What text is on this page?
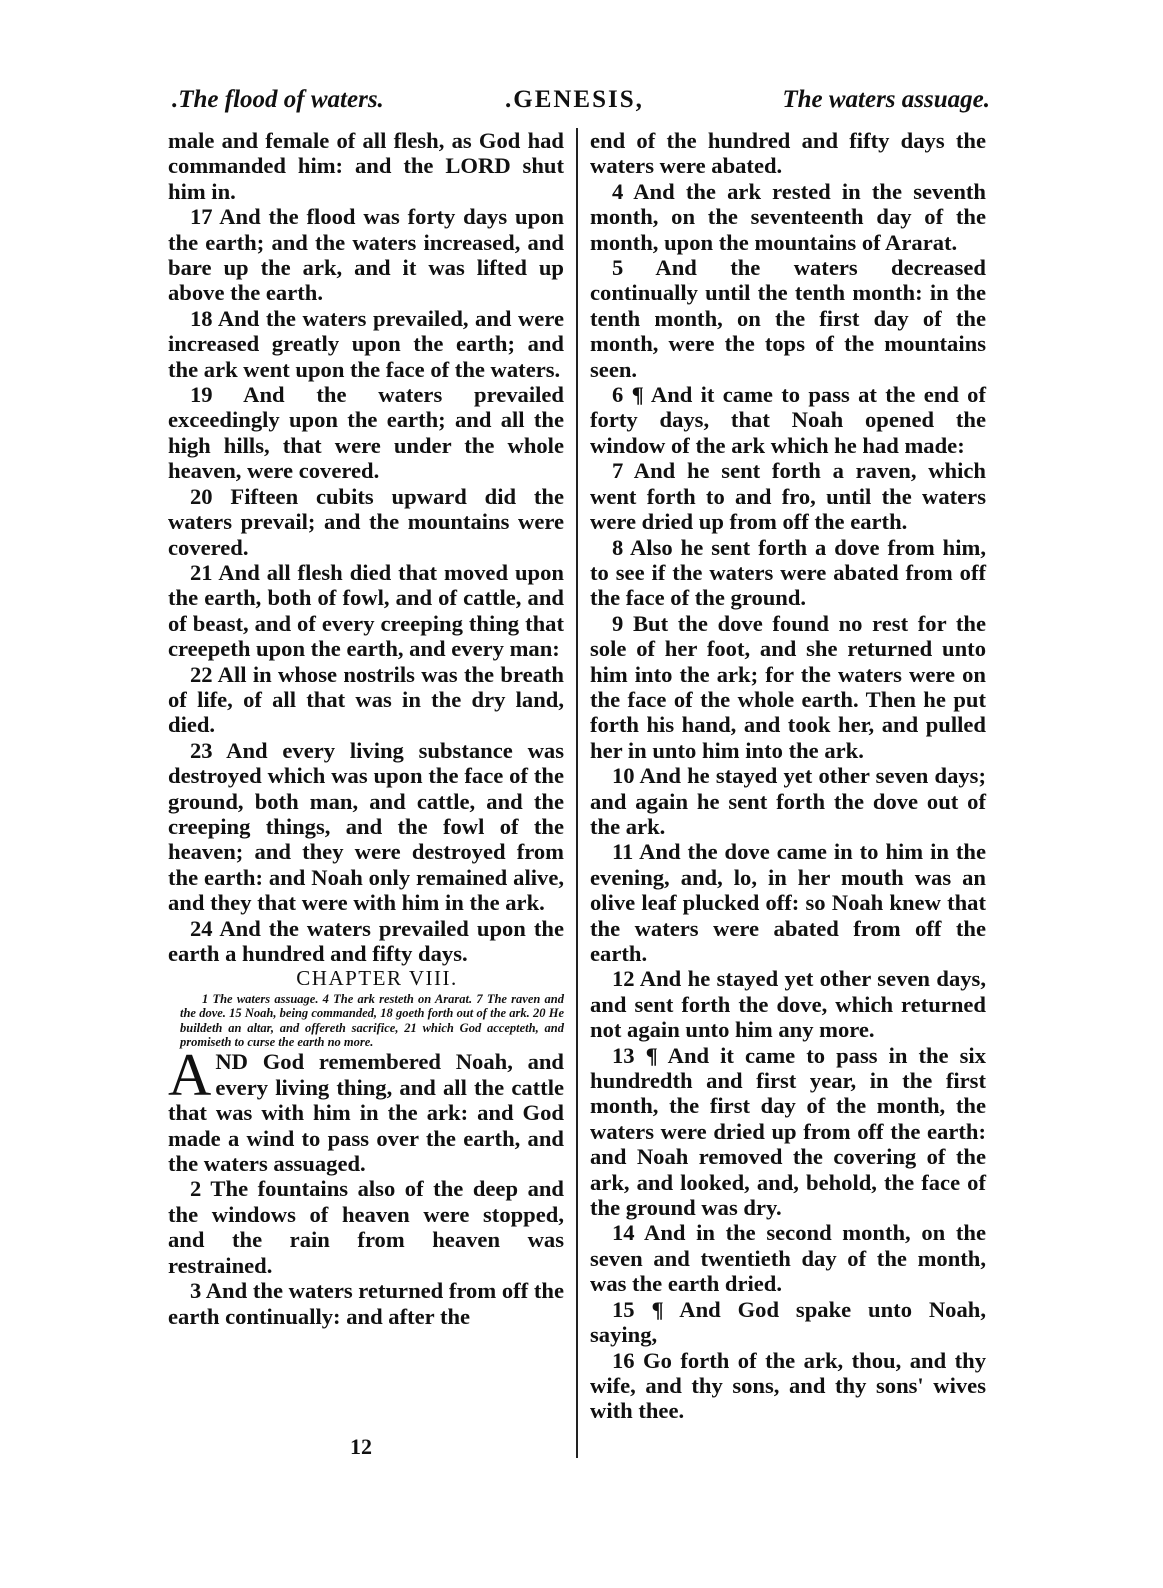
.The flood of waters.	.GENESIS,	The waters assuage.

male and female of all flesh, as God had commanded him: and the LORD shut him in.

17 And the flood was forty days upon the earth; and the waters increased, and bare up the ark, and it was lifted up above the earth.

18 And the waters prevailed, and were increased greatly upon the earth; and the ark went upon the face of the waters.

19 And the waters prevailed exceedingly upon the earth; and all the high hills, that were under the whole heaven, were covered.

20 Fifteen cubits upward did the waters prevail; and the mountains were covered.

21 And all flesh died that moved upon the earth, both of fowl, and of cattle, and of beast, and of every creeping thing that creepeth upon the earth, and every man:

22 All in whose nostrils was the breath of life, of all that was in the dry land, died.

23 And every living substance was destroyed which was upon the face of the ground, both man, and cattle, and the creeping things, and the fowl of the heaven; and they were destroyed from the earth: and Noah only remained alive, and they that were with him in the ark.

24 And the waters prevailed upon the earth a hundred and fifty days.

CHAPTER VIII.

1 The waters assuage. 4 The ark resteth on Ararat. 7 The raven and the dove. 15 Noah, being commanded, 18 goeth forth out of the ark. 20 He buildeth an altar, and offereth sacrifice, 21 which God accepteth, and promiseth to curse the earth no more.

A ND God remembered Noah, and every living thing, and all the cattle that was with him in the ark: and God made a wind to pass over the earth, and the waters assuaged.

2 The fountains also of the deep and the windows of heaven were stopped, and the rain from heaven was restrained.

3 And the waters returned from off the earth continually: and after the

end of the hundred and fifty days the waters were abated.

4 And the ark rested in the seventh month, on the seventeenth day of the month, upon the mountains of Ararat.

5 And the waters decreased continually until the tenth month: in the tenth month, on the first day of the month, were the tops of the mountains seen.

6 ¶ And it came to pass at the end of forty days, that Noah opened the window of the ark which he had made:

7 And he sent forth a raven, which went forth to and fro, until the waters were dried up from off the earth.

8 Also he sent forth a dove from him, to see if the waters were abated from off the face of the ground.

9 But the dove found no rest for the sole of her foot, and she returned unto him into the ark; for the waters were on the face of the whole earth. Then he put forth his hand, and took her, and pulled her in unto him into the ark.

10 And he stayed yet other seven days; and again he sent forth the dove out of the ark.

11 And the dove came in to him in the evening, and, lo, in her mouth was an olive leaf plucked off: so Noah knew that the waters were abated from off the earth.

12 And he stayed yet other seven days, and sent forth the dove, which returned not again unto him any more.

13 ¶ And it came to pass in the six hundredth and first year, in the first month, the first day of the month, the waters were dried up from off the earth: and Noah removed the covering of the ark, and looked, and, behold, the face of the ground was dry.

14 And in the second month, on the seven and twentieth day of the month, was the earth dried.

15 ¶ And God spake unto Noah, saying,

16 Go forth of the ark, thou, and thy wife, and thy sons, and thy sons' wives with thee.

12
